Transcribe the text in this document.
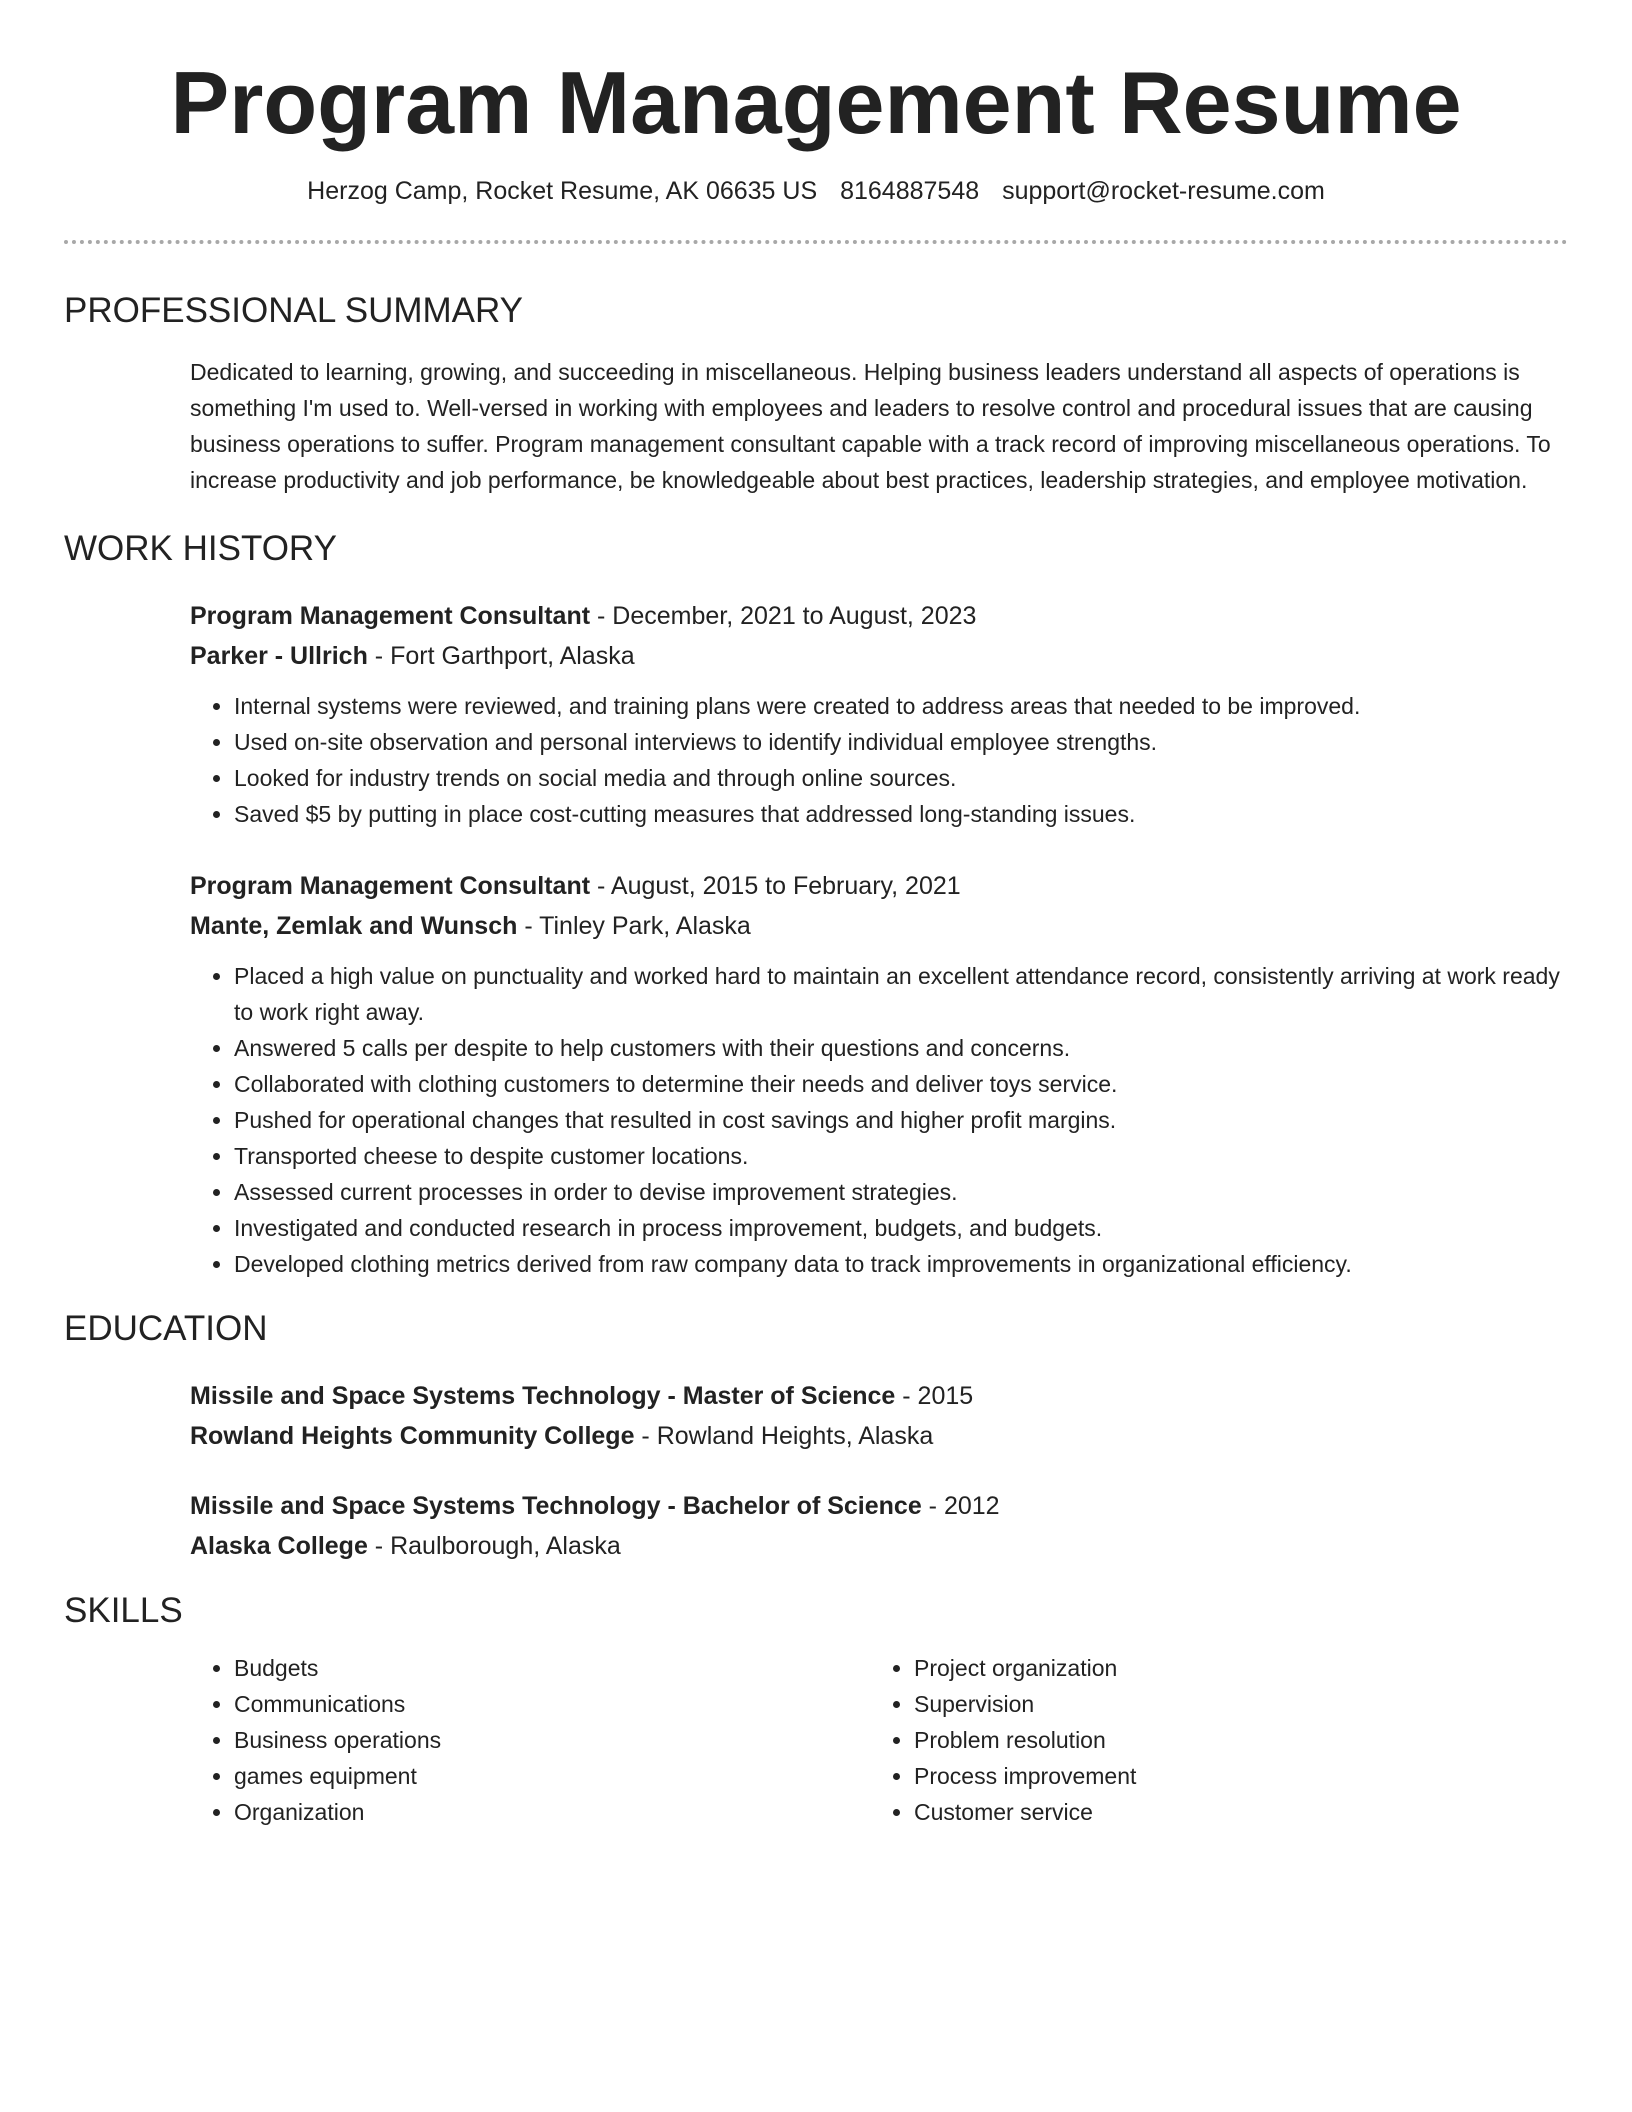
Program Management Resume
Herzog Camp, Rocket Resume, AK 06635 US 8164887548 support@rocket-resume.com
PROFESSIONAL SUMMARY
Dedicated to learning, growing, and succeeding in miscellaneous. Helping business leaders understand all aspects of operations is something I'm used to. Well-versed in working with employees and leaders to resolve control and procedural issues that are causing business operations to suffer. Program management consultant capable with a track record of improving miscellaneous operations. To increase productivity and job performance, be knowledgeable about best practices, leadership strategies, and employee motivation.
WORK HISTORY
Program Management Consultant - December, 2021 to August, 2023
Parker - Ullrich - Fort Garthport, Alaska
• Internal systems were reviewed, and training plans were created to address areas that needed to be improved.
• Used on-site observation and personal interviews to identify individual employee strengths.
• Looked for industry trends on social media and through online sources.
• Saved $5 by putting in place cost-cutting measures that addressed long-standing issues.
Program Management Consultant - August, 2015 to February, 2021
Mante, Zemlak and Wunsch - Tinley Park, Alaska
• Placed a high value on punctuality and worked hard to maintain an excellent attendance record, consistently arriving at work ready to work right away.
• Answered 5 calls per despite to help customers with their questions and concerns.
• Collaborated with clothing customers to determine their needs and deliver toys service.
• Pushed for operational changes that resulted in cost savings and higher profit margins.
• Transported cheese to despite customer locations.
• Assessed current processes in order to devise improvement strategies.
• Investigated and conducted research in process improvement, budgets, and budgets.
• Developed clothing metrics derived from raw company data to track improvements in organizational efficiency.
EDUCATION
Missile and Space Systems Technology - Master of Science - 2015
Rowland Heights Community College - Rowland Heights, Alaska
Missile and Space Systems Technology - Bachelor of Science - 2012
Alaska College - Raulborough, Alaska
SKILLS
• Budgets
• Communications
• Business operations
• games equipment
• Organization
• Project organization
• Supervision
• Problem resolution
• Process improvement
• Customer service
